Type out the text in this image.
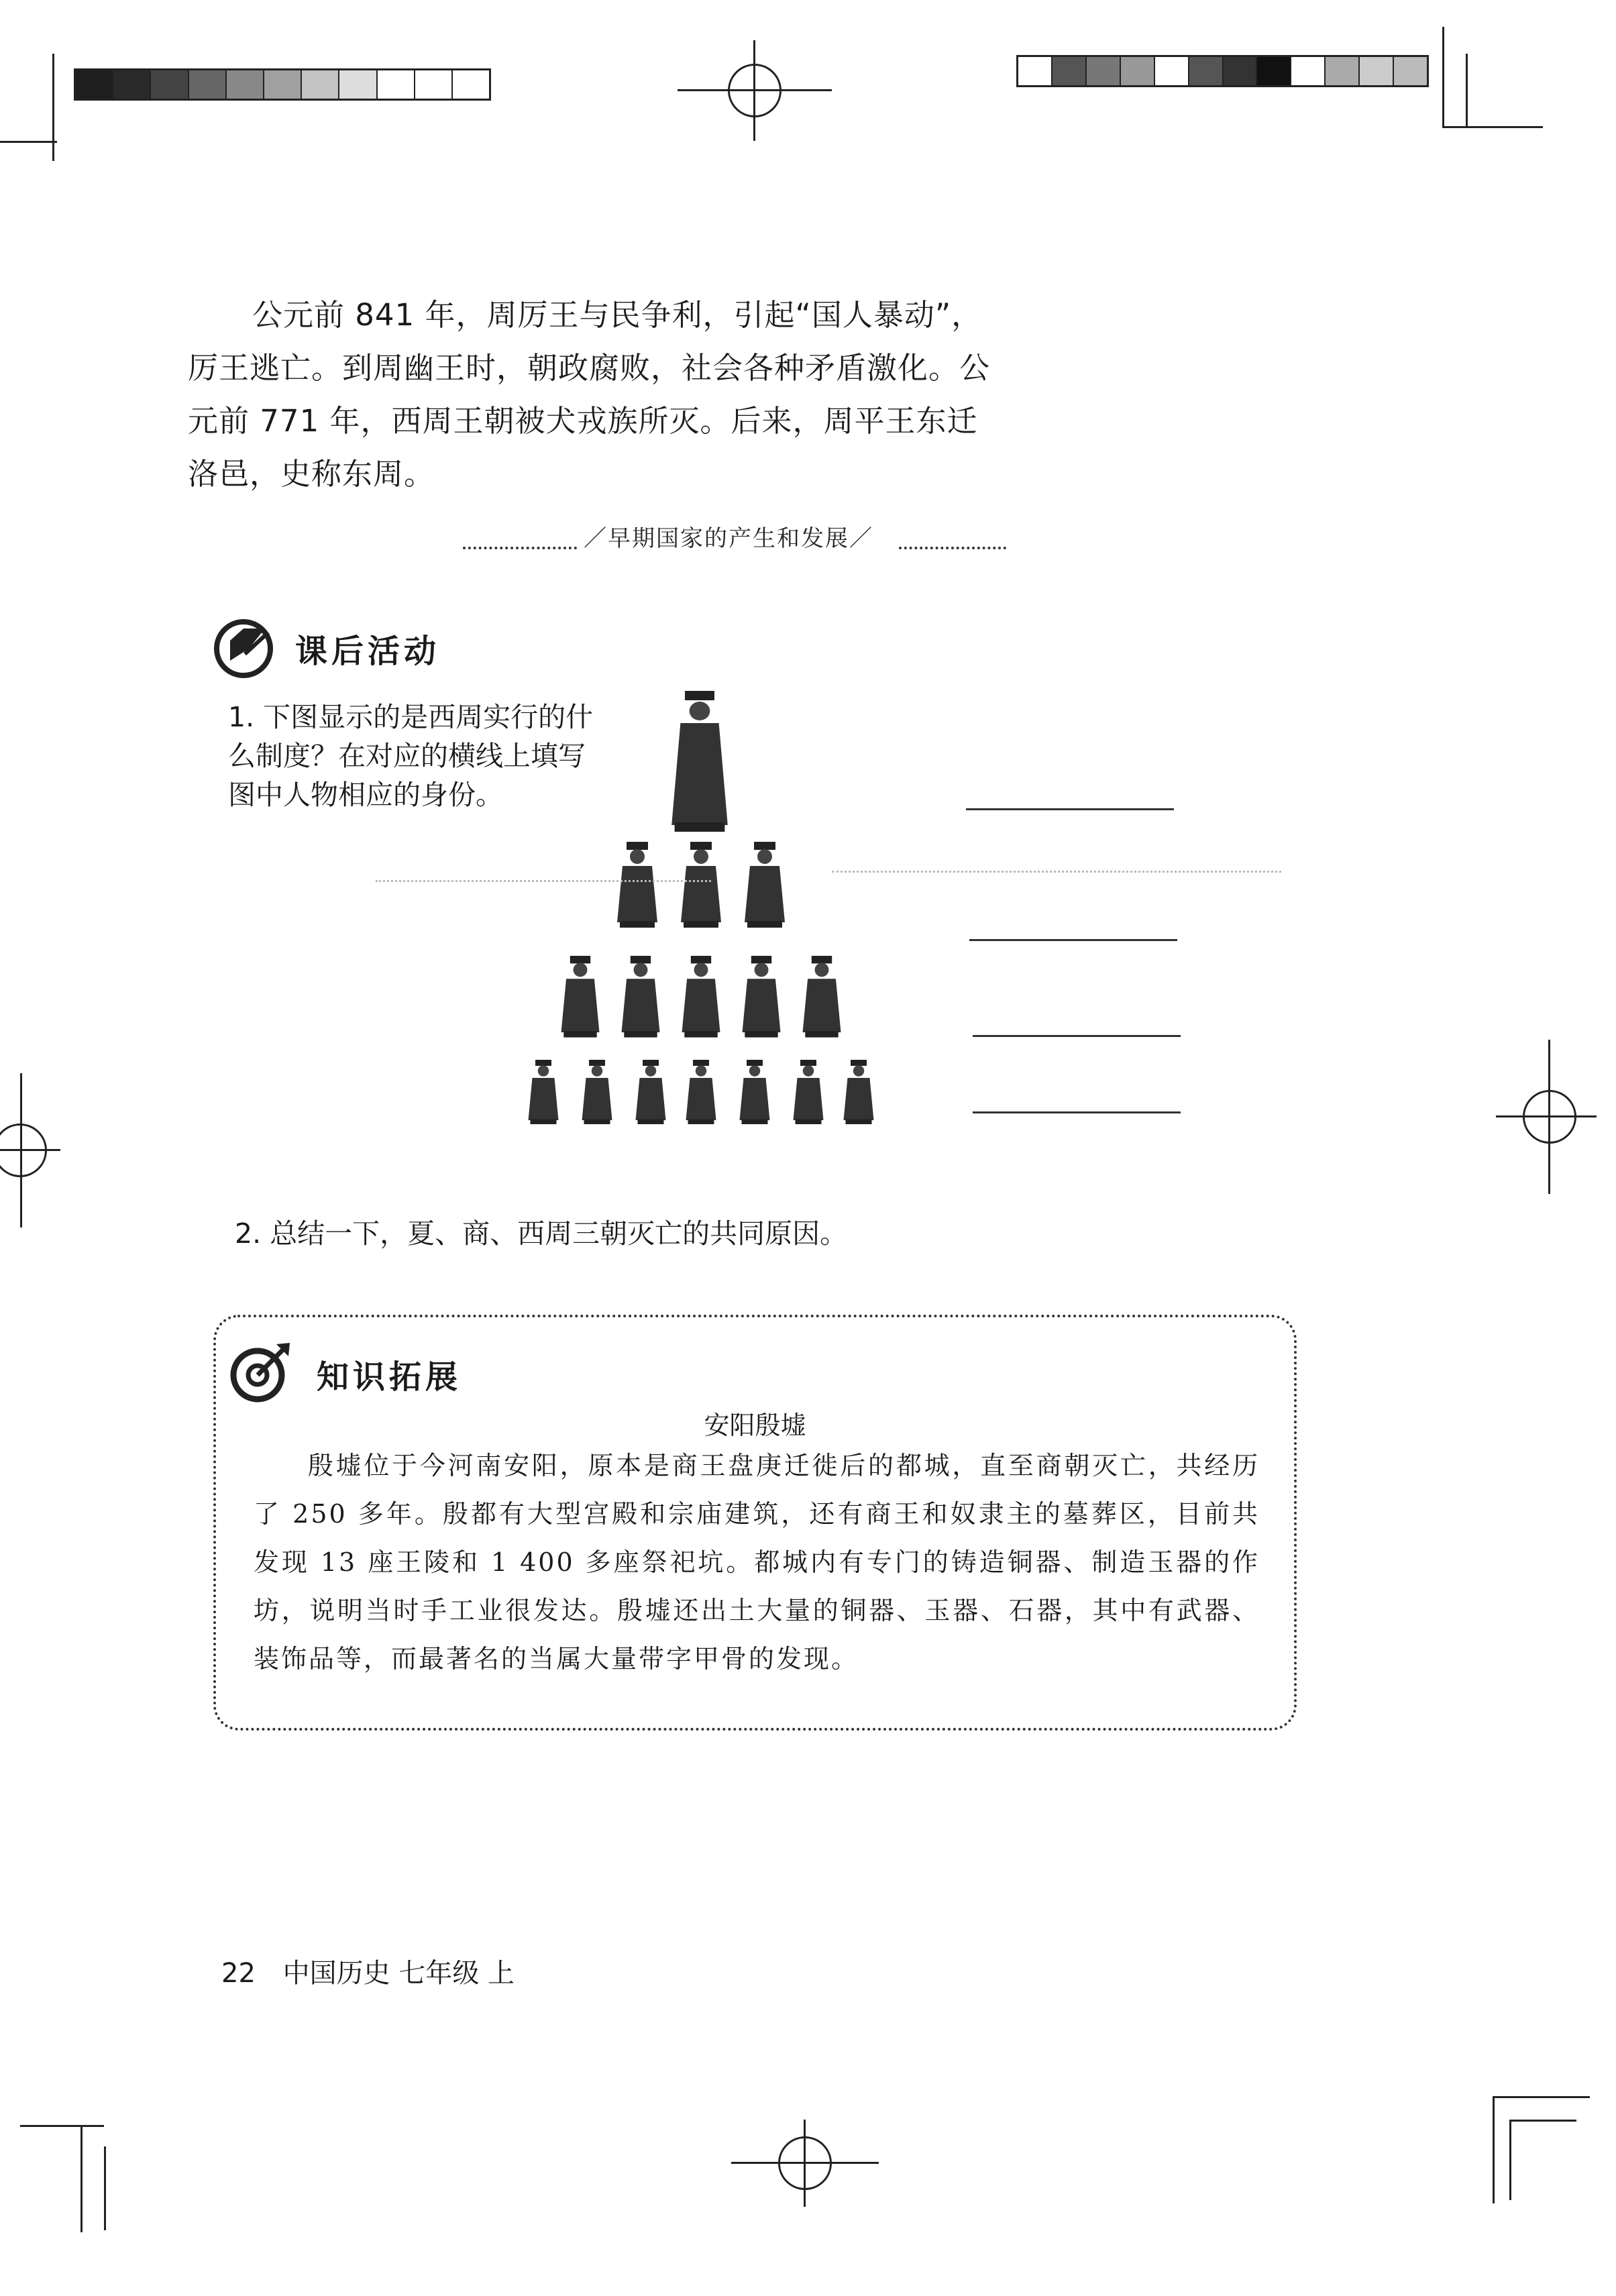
公元前 841 年，周厉王与民争利，引起“国人暴动”，厉王逃亡。到周幽王时，朝政腐败，社会各种矛盾激化。公元前 771 年，西周王朝被犬戎族所灭。后来，周平王东迁洛邑，史称东周。
／早期国家的产生和发展／
课后活动
1. 下图显示的是西周实行的什么制度？在对应的横线上填写图中人物相应的身份。
2. 总结一下，夏、商、西周三朝灭亡的共同原因。
知识拓展
安阳殷墟
殷墟位于今河南安阳，原本是商王盘庚迁徙后的都城，直至商朝灭亡，共经历了 250 多年。殷都有大型宫殿和宗庙建筑，还有商王和奴隶主的墓葬区，目前共发现 13 座王陵和 1 400 多座祭祀坑。都城内有专门的铸造铜器、制造玉器的作坊，说明当时手工业很发达。殷墟还出土大量的铜器、玉器、石器，其中有武器、装饰品等，而最著名的当属大量带字甲骨的发现。
22 中国历史 七年级 上
